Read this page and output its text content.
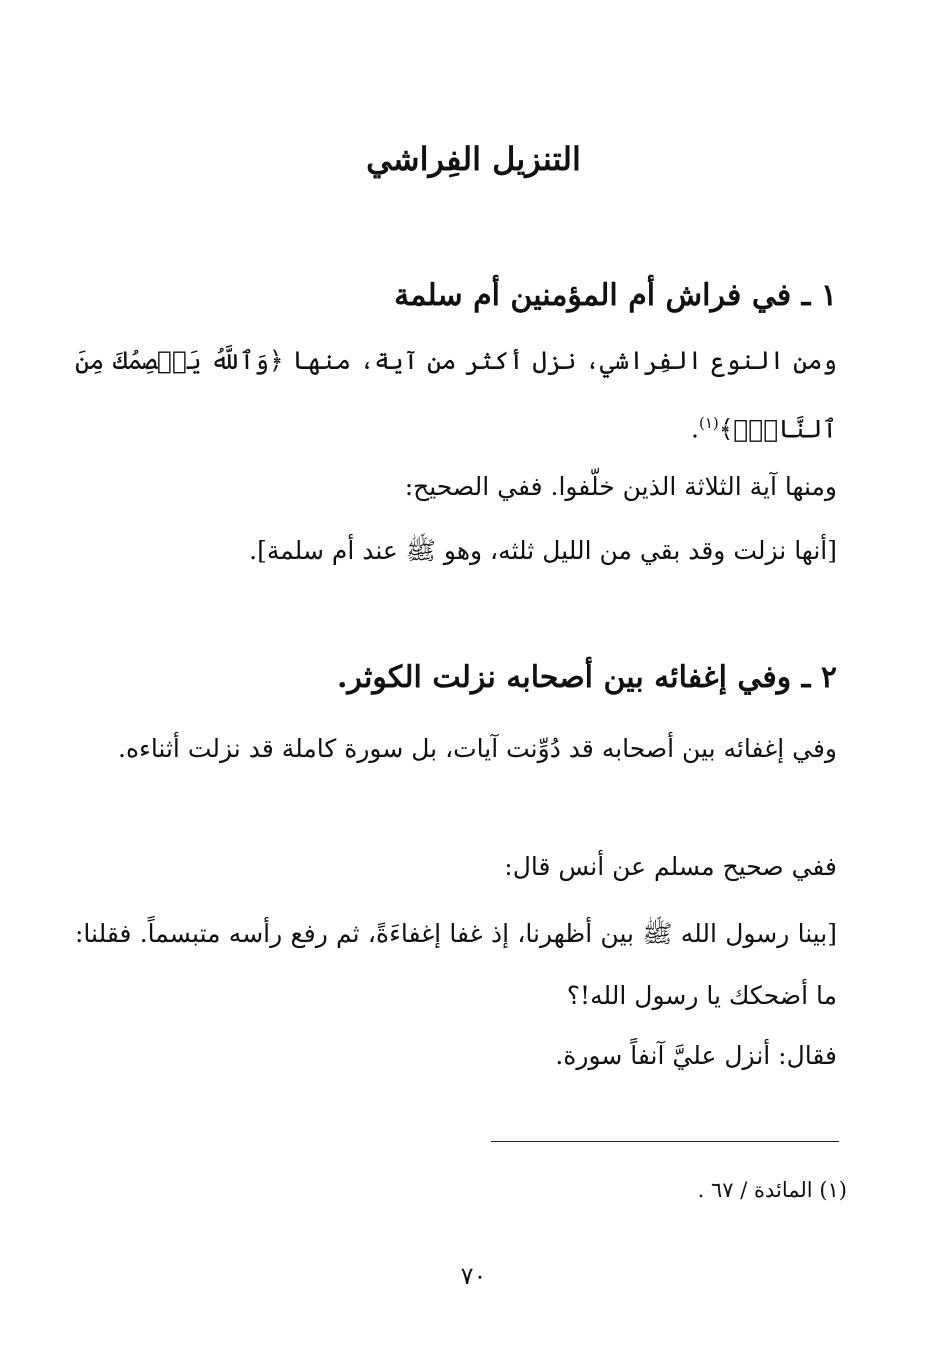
التنزيل الفِراشي
١ ـ في فراش أم المؤمنين أم سلمة

ومن النوع الفِراشي، نزل أكثر من آية، منها ﴿وَٱللَّهُ يَعۡصِمُكَ مِنَ ٱلنَّاسِۗ﴾$^{(١)}$.

ومنها آية الثلاثة الذين خلّفوا. ففي الصحيح:

[أنها نزلت وقد بقي من الليل ثلثه، وهو ﷺ عند أم سلمة].

٢ ـ وفي إغفائه بين أصحابه نزلت الكوثر.

وفي إغفائه بين أصحابه قد دُوِّنت آيات، بل سورة كاملة قد نزلت أثناءه.

ففي صحيح مسلم عن أنس قال:

[بينا رسول الله ﷺ بين أظهرنا، إذ غفا إغفاءَةً، ثم رفع رأسه متبسماً. فقلنا: ما أضحكك يا رسول الله!؟

فقال: أنزل عليَّ آنفاً سورة.

(١) المائدة / ٦٧ .

٧٠
